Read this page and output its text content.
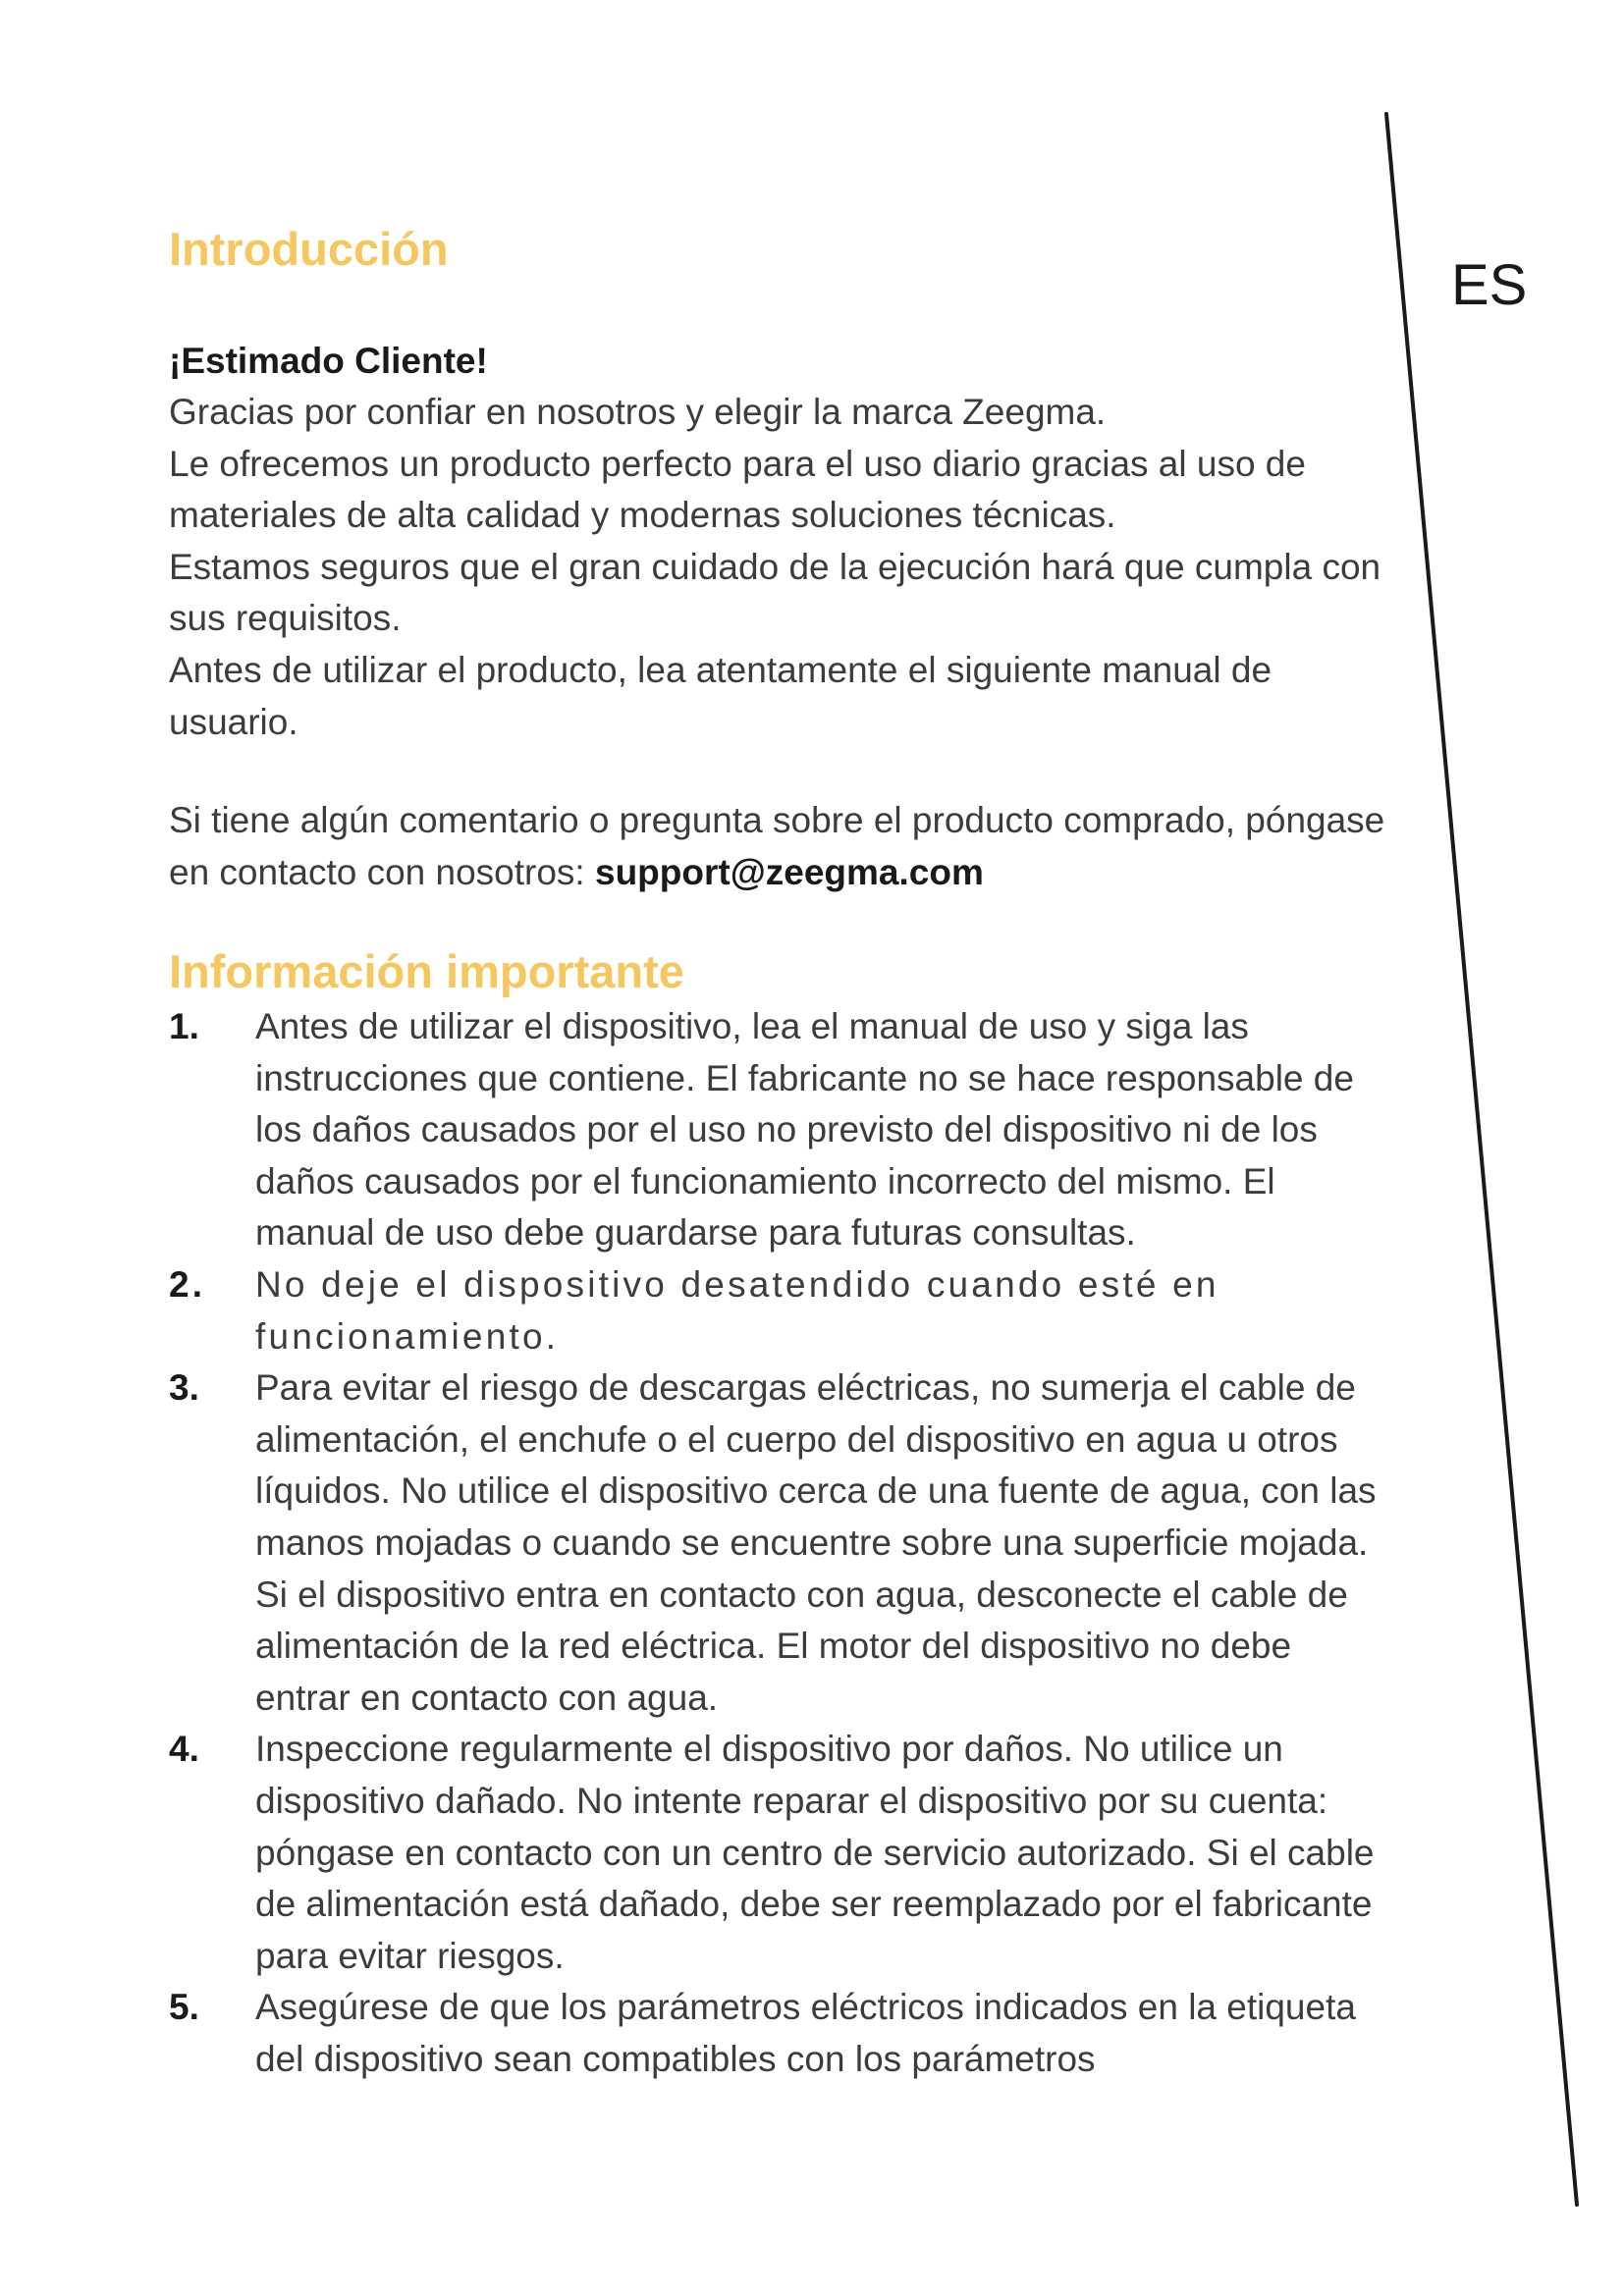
ES
Introducción

¡Estimado Cliente!

Gracias por confiar en nosotros y elegir la marca Zeegma.
Le ofrecemos un producto perfecto para el uso diario gracias al uso de materiales de alta calidad y modernas soluciones técnicas.
Estamos seguros que el gran cuidado de la ejecución hará que cumpla con sus requisitos.
Antes de utilizar el producto, lea atentamente el siguiente manual de usuario.

Si tiene algún comentario o pregunta sobre el producto comprado, póngase en contacto con nosotros: support@zeegma.com

Información importante
1. Antes de utilizar el dispositivo, lea el manual de uso y siga las instrucciones que contiene. El fabricante no se hace responsable de los daños causados por el uso no previsto del dispositivo ni de los daños causados por el funcionamiento incorrecto del mismo. El manual de uso debe guardarse para futuras consultas.
2. No deje el dispositivo desatendido cuando esté en funcionamiento.
3. Para evitar el riesgo de descargas eléctricas, no sumerja el cable de alimentación, el enchufe o el cuerpo del dispositivo en agua u otros líquidos. No utilice el dispositivo cerca de una fuente de agua, con las manos mojadas o cuando se encuentre sobre una superficie mojada. Si el dispositivo entra en contacto con agua, desconecte el cable de alimentación de la red eléctrica. El motor del dispositivo no debe entrar en contacto con agua.
4. Inspeccione regularmente el dispositivo por daños. No utilice un dispositivo dañado. No intente reparar el dispositivo por su cuenta: póngase en contacto con un centro de servicio autorizado. Si el cable de alimentación está dañado, debe ser reemplazado por el fabricante para evitar riesgos.
5. Asegúrese de que los parámetros eléctricos indicados en la etiqueta del dispositivo sean compatibles con los parámetros
